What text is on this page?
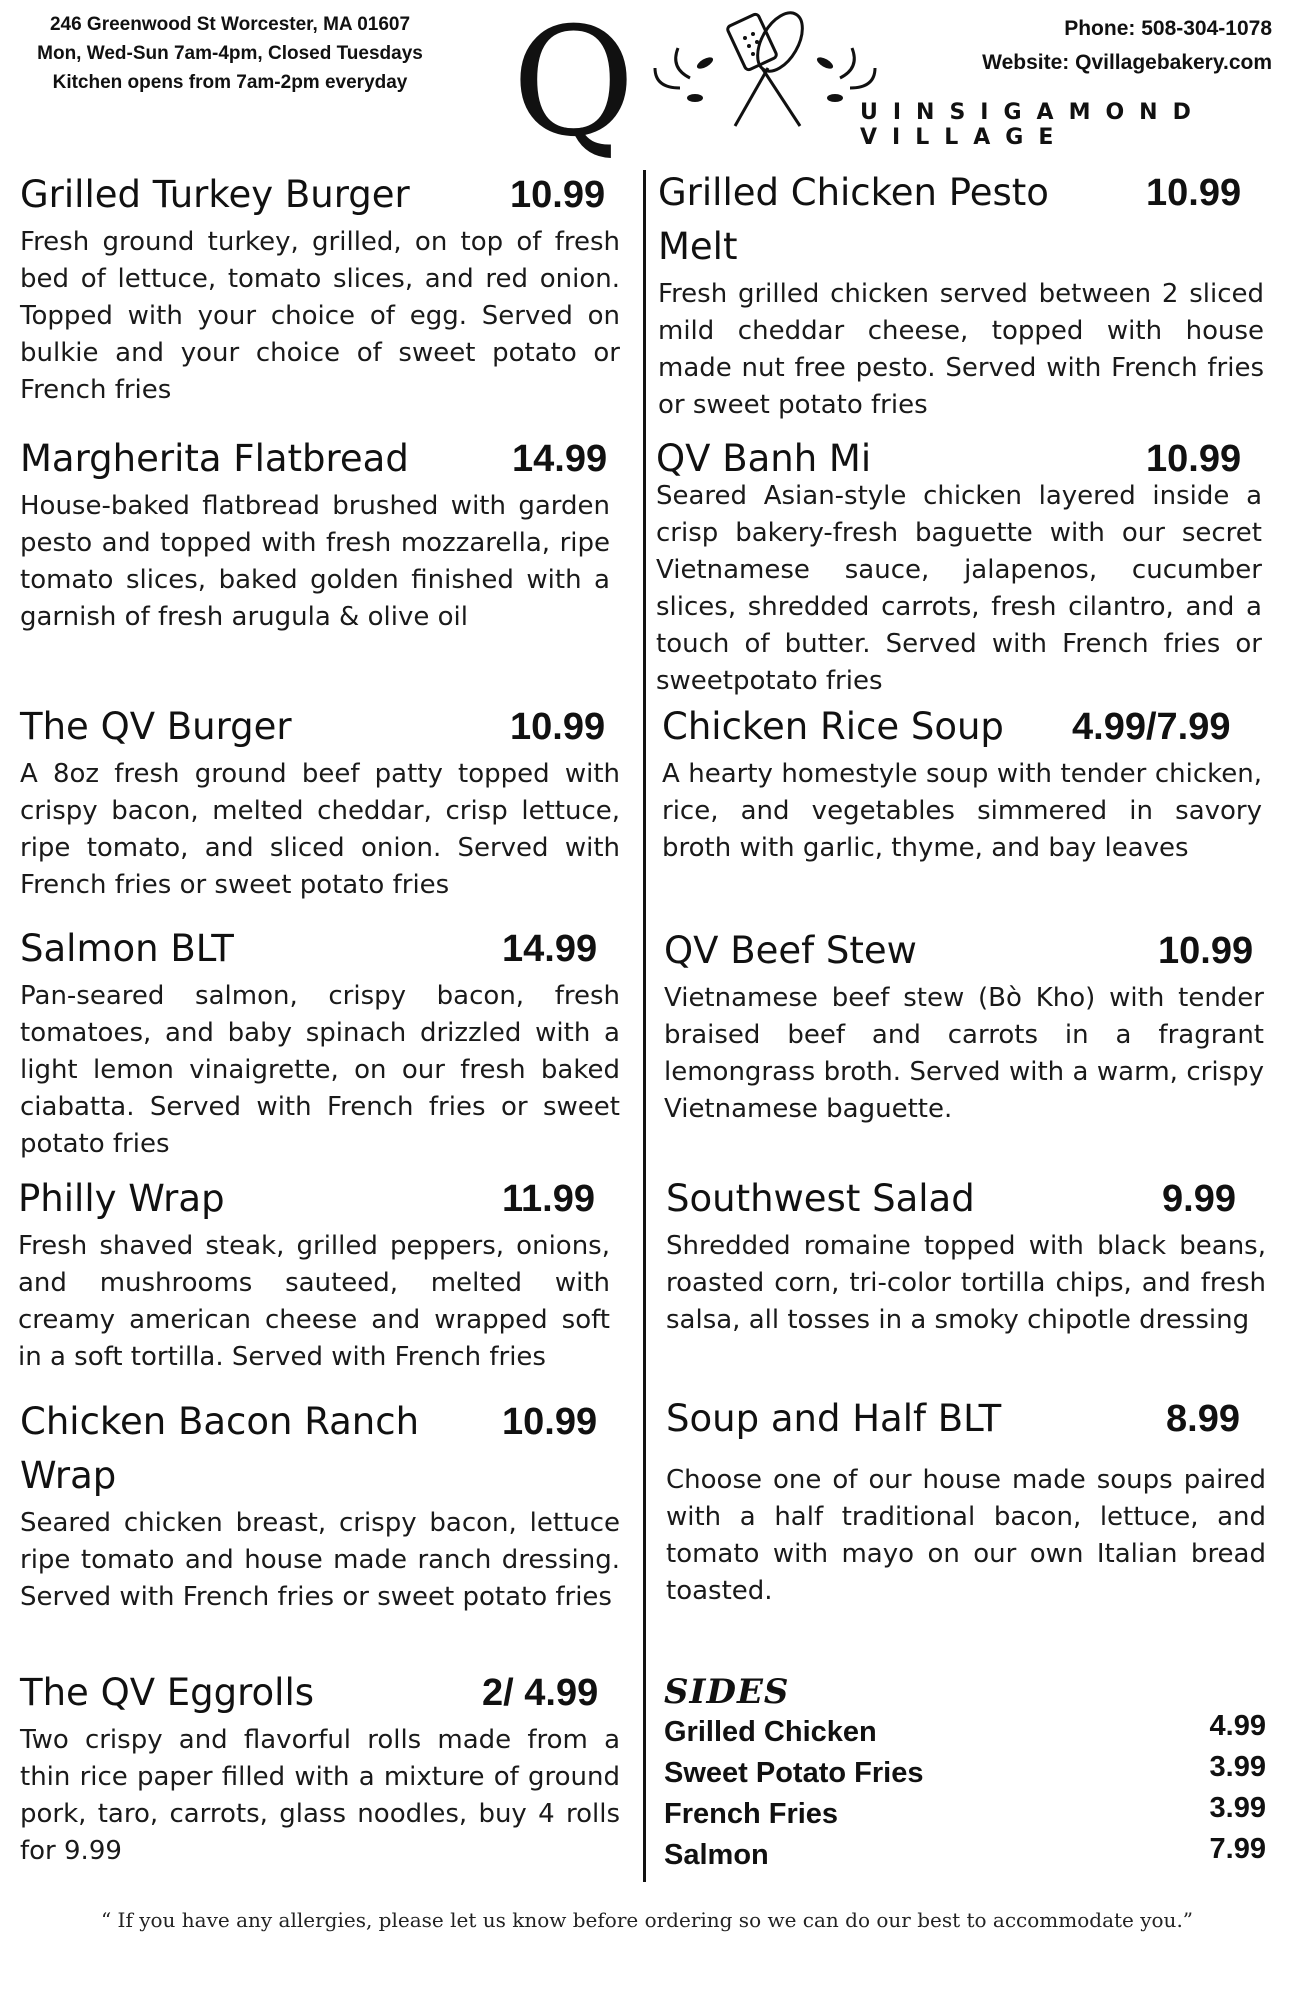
246 Greenwood St Worcester, MA 01607
Mon, Wed-Sun 7am-4pm, Closed Tuesdays
Kitchen opens from 7am-2pm everyday Q	UINSIGAMOND VILLAGE
Phone: 508-304-1078
Website: Qvillagebakery.com
Grilled Turkey Burger	10.99

Fresh ground turkey, grilled, on top of fresh bed of lettuce, tomato slices, and red onion. Topped with your choice of egg. Served on bulkie and your choice of sweet potato or French fries

Margherita Flatbread	14.99

House-baked flatbread brushed with garden pesto and topped with fresh mozzarella, ripe tomato slices, baked golden finished with a garnish of fresh arugula & olive oil

The QV Burger	10.99

A 8oz fresh ground beef patty topped with crispy bacon, melted cheddar, crisp lettuce, ripe tomato, and sliced onion. Served with French fries or sweet potato fries

Salmon BLT	14.99

Pan-seared salmon, crispy bacon, fresh tomatoes, and baby spinach drizzled with a light lemon vinaigrette, on our fresh baked ciabatta. Served with French fries or sweet potato fries

Philly Wrap	11.99

Fresh shaved steak, grilled peppers, onions, and mushrooms sauteed, melted with creamy american cheese and wrapped soft in a soft tortilla. Served with French fries

Chicken Bacon Ranch Wrap
10.99

Seared chicken breast, crispy bacon, lettuce ripe tomato and house made ranch dressing. Served with French fries or sweet potato fries

The QV Eggrolls	2/ 4.99

Two crispy and flavorful rolls made from a thin rice paper filled with a mixture of ground pork, taro, carrots, glass noodles, buy 4 rolls for 9.99

Grilled Chicken Pesto Melt
10.99

Fresh grilled chicken served between 2 sliced mild cheddar cheese, topped with house made nut free pesto. Served with French fries or sweet potato fries

QV Banh Mi	10.99

Seared Asian-style chicken layered inside a crisp bakery-fresh baguette with our secret Vietnamese sauce, jalapenos, cucumber slices, shredded carrots, fresh cilantro, and a touch of butter. Served with French fries or sweetpotato fries

Chicken Rice Soup 4.99/7.99

A hearty homestyle soup with tender chicken, rice, and vegetables simmered in savory broth with garlic, thyme, and bay leaves

QV Beef Stew	10.99

Vietnamese beef stew (Bò Kho) with tender braised beef and carrots in a fragrant lemongrass broth. Served with a warm, crispy Vietnamese baguette.

Southwest Salad	9.99

Shredded romaine topped with black beans, roasted corn, tri-color tortilla chips, and fresh salsa, all tosses in a smoky chipotle dressing

Soup and Half BLT	8.99

Choose one of our house made soups paired with a half traditional bacon, lettuce, and tomato with mayo on our own Italian bread toasted.

SIDES
Grilled Chicken	4.99
Sweet Potato Fries	3.99
French Fries	3.99
Salmon	7.99
“ If you have any allergies, please let us know before ordering so we can do our best to accommodate you.”
